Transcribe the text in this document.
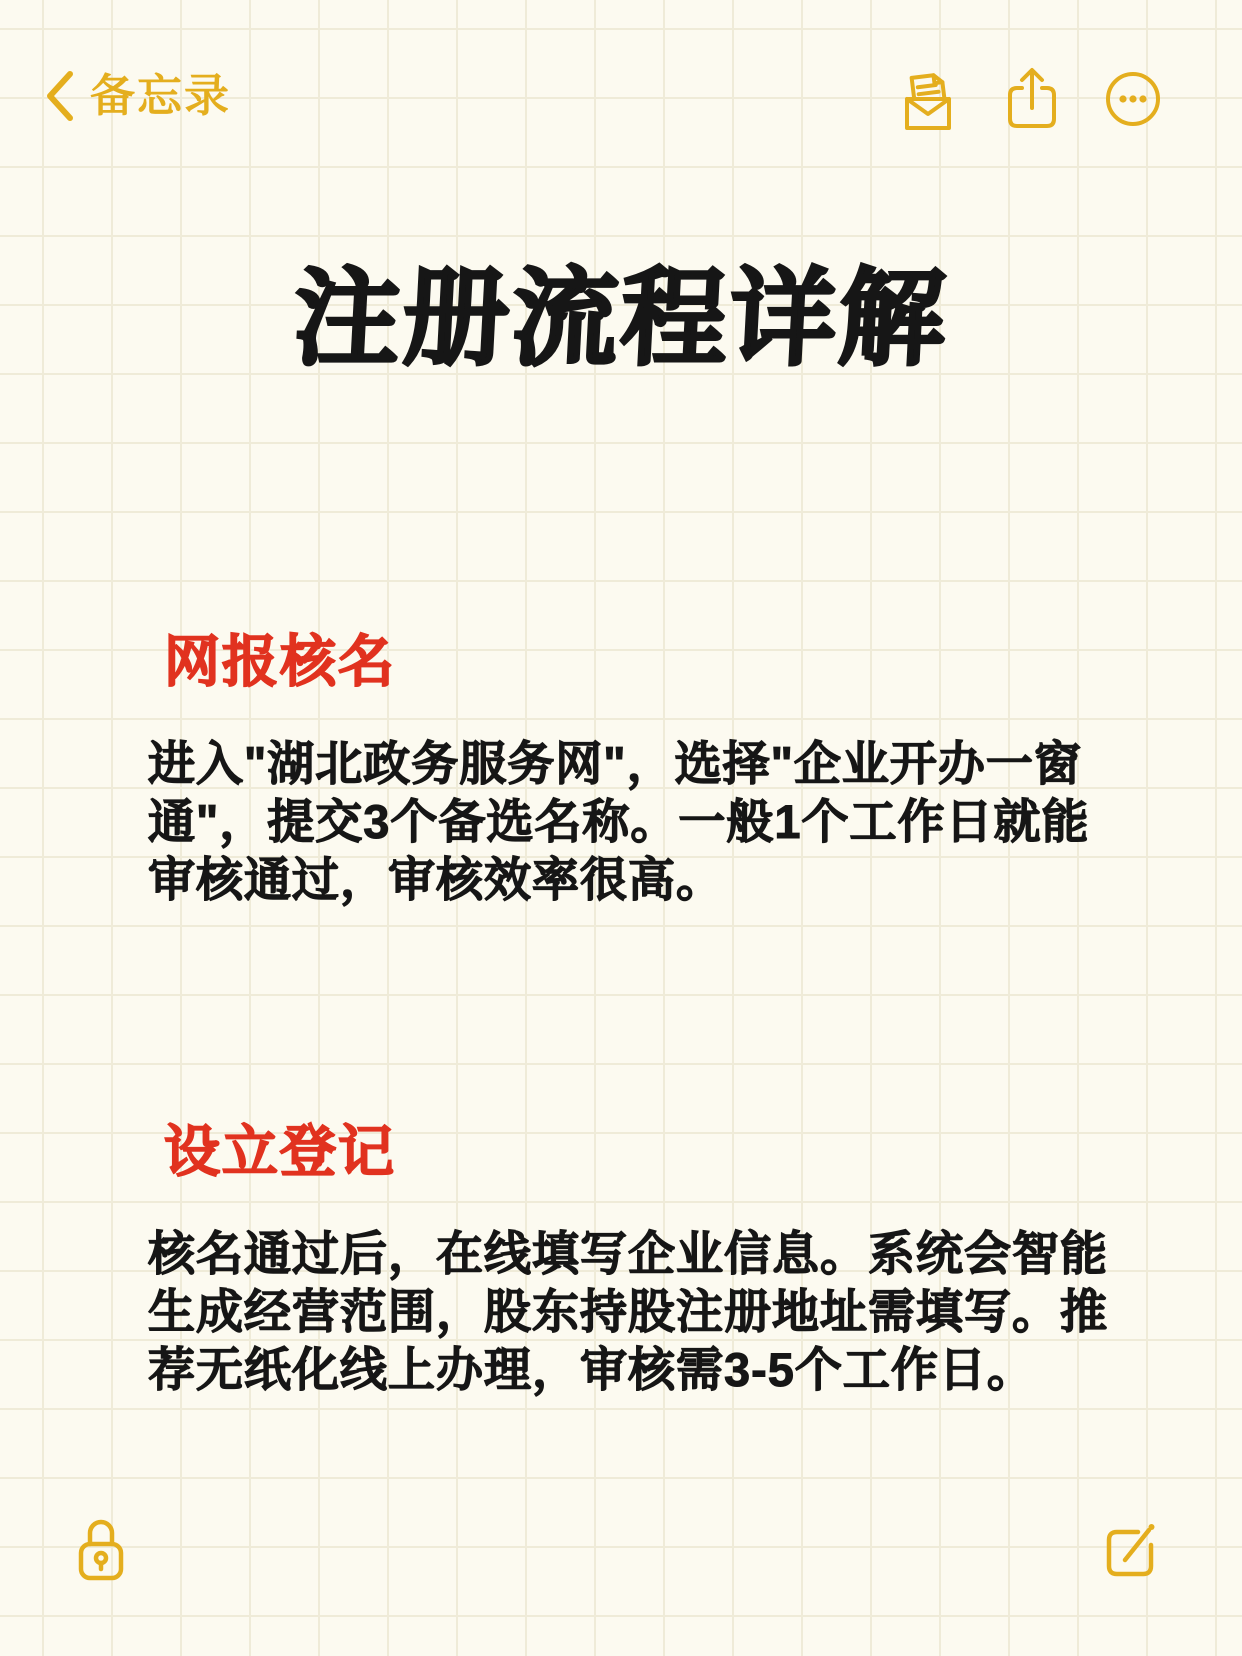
备忘录
注册流程详解
网报核名
进入"湖北政务服务网"，选择"企业开办一窗
通"，提交3个备选名称。一般1个工作日就能
审核通过，审核效率很高。
设立登记
核名通过后，在线填写企业信息。系统会智能
生成经营范围，股东持股注册地址需填写。推
荐无纸化线上办理，审核需3-5个工作日。
